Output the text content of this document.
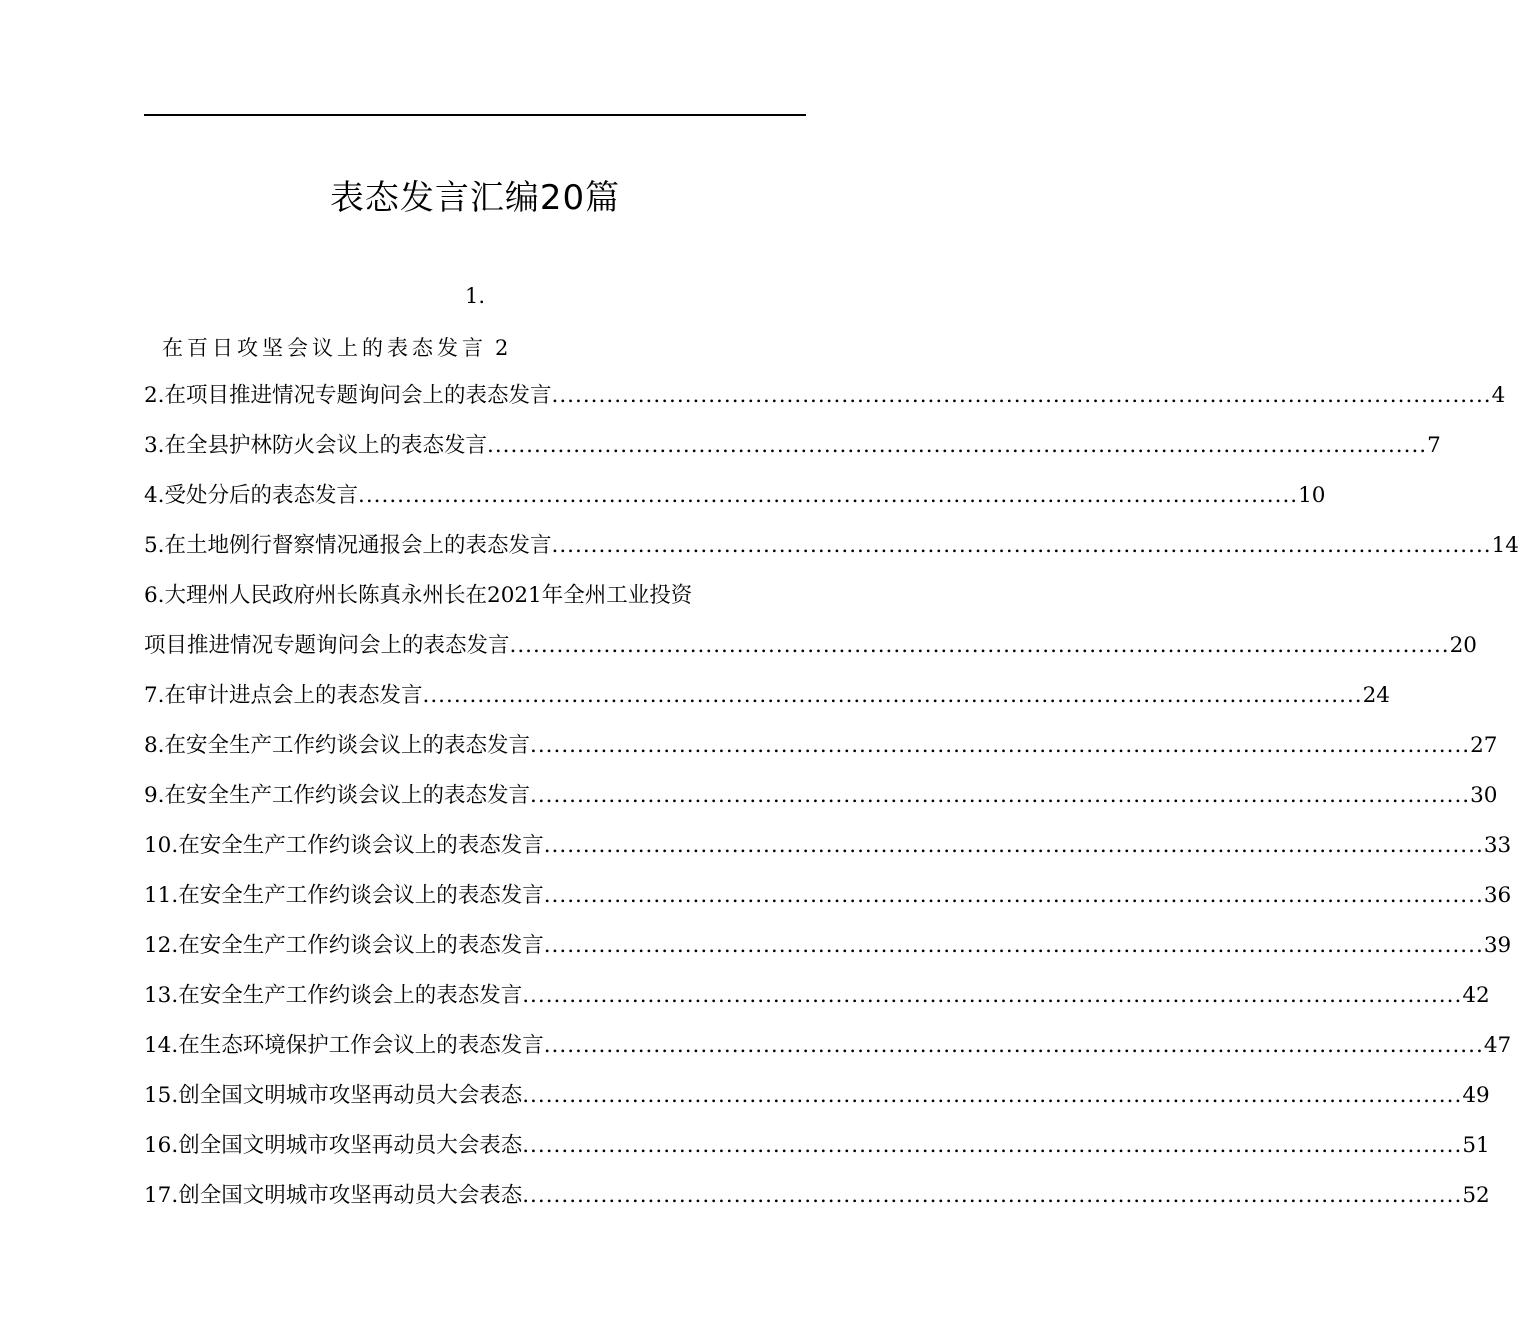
表态发言汇编20篇
1.
在百日攻坚会议上的表态发言 2
2.在项目推进情况专题询问会上的表态发言 ........................................................................................................................ 4
3.在全县护林防火会议上的表态发言 ........................................................................................................................ 7
4.受处分后的表态发言 ........................................................................................................................ 10
5.在土地例行督察情况通报会上的表态发言 ........................................................................................................................ 14
6.大理州人民政府州长陈真永州长在2021年全州工业投资
项目推进情况专题询问会上的表态发言 ........................................................................................................................ 20
7.在审计进点会上的表态发言 ........................................................................................................................ 24
8.在安全生产工作约谈会议上的表态发言 ........................................................................................................................ 27
9.在安全生产工作约谈会议上的表态发言 ........................................................................................................................ 30
10.在安全生产工作约谈会议上的表态发言 ........................................................................................................................ 33
11.在安全生产工作约谈会议上的表态发言 ........................................................................................................................ 36
12.在安全生产工作约谈会议上的表态发言 ........................................................................................................................ 39
13.在安全生产工作约谈会上的表态发言 ........................................................................................................................ 42
14.在生态环境保护工作会议上的表态发言 ........................................................................................................................ 47
15.创全国文明城市攻坚再动员大会表态 ........................................................................................................................ 49
16.创全国文明城市攻坚再动员大会表态 ........................................................................................................................ 51
17.创全国文明城市攻坚再动员大会表态 ........................................................................................................................ 52
